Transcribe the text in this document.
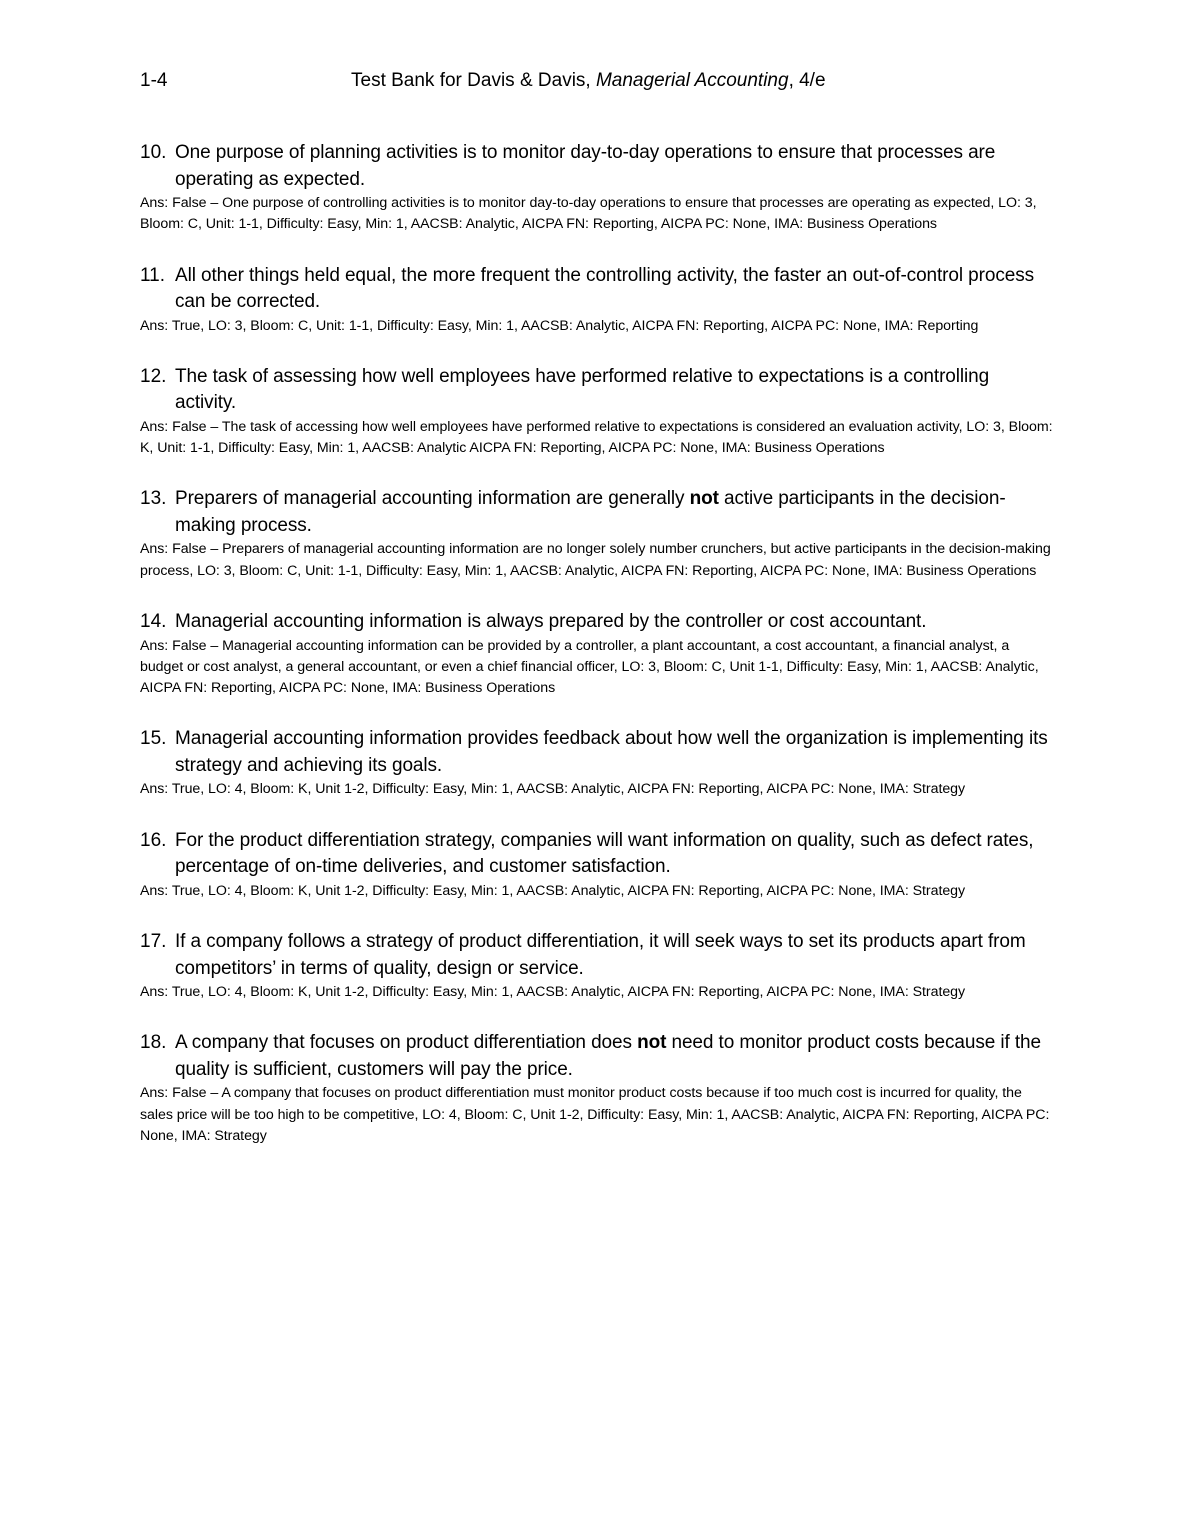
1-4	Test Bank for Davis & Davis, Managerial Accounting, 4/e
10. One purpose of planning activities is to monitor day-to-day operations to ensure that processes are operating as expected.
Ans: False – One purpose of controlling activities is to monitor day-to-day operations to ensure that processes are operating as expected, LO: 3, Bloom: C, Unit: 1-1, Difficulty: Easy, Min: 1, AACSB: Analytic, AICPA FN: Reporting, AICPA PC: None, IMA: Business Operations
11. All other things held equal, the more frequent the controlling activity, the faster an out-of-control process can be corrected.
Ans: True, LO: 3, Bloom: C, Unit: 1-1, Difficulty: Easy, Min: 1, AACSB: Analytic, AICPA FN: Reporting, AICPA PC: None, IMA: Reporting
12. The task of assessing how well employees have performed relative to expectations is a controlling activity.
Ans: False – The task of accessing how well employees have performed relative to expectations is considered an evaluation activity, LO: 3, Bloom: K, Unit: 1-1, Difficulty: Easy, Min: 1, AACSB: Analytic AICPA FN: Reporting, AICPA PC: None, IMA: Business Operations
13. Preparers of managerial accounting information are generally not active participants in the decision-making process.
Ans: False – Preparers of managerial accounting information are no longer solely number crunchers, but active participants in the decision-making process, LO: 3, Bloom: C, Unit: 1-1, Difficulty: Easy, Min: 1, AACSB: Analytic, AICPA FN: Reporting, AICPA PC: None, IMA: Business Operations
14. Managerial accounting information is always prepared by the controller or cost accountant.
Ans: False – Managerial accounting information can be provided by a controller, a plant accountant, a cost accountant, a financial analyst, a budget or cost analyst, a general accountant, or even a chief financial officer, LO: 3, Bloom: C, Unit 1-1, Difficulty: Easy, Min: 1, AACSB: Analytic, AICPA FN: Reporting, AICPA PC: None, IMA: Business Operations
15. Managerial accounting information provides feedback about how well the organization is implementing its strategy and achieving its goals.
Ans: True, LO: 4, Bloom: K, Unit 1-2, Difficulty: Easy, Min: 1, AACSB: Analytic, AICPA FN: Reporting, AICPA PC: None, IMA: Strategy
16. For the product differentiation strategy, companies will want information on quality, such as defect rates, percentage of on-time deliveries, and customer satisfaction.
Ans: True, LO: 4, Bloom: K, Unit 1-2, Difficulty: Easy, Min: 1, AACSB: Analytic, AICPA FN: Reporting, AICPA PC: None, IMA: Strategy
17. If a company follows a strategy of product differentiation, it will seek ways to set its products apart from competitors’ in terms of quality, design or service.
Ans: True, LO: 4, Bloom: K, Unit 1-2, Difficulty: Easy, Min: 1, AACSB: Analytic, AICPA FN: Reporting, AICPA PC: None, IMA: Strategy
18. A company that focuses on product differentiation does not need to monitor product costs because if the quality is sufficient, customers will pay the price.
Ans: False – A company that focuses on product differentiation must monitor product costs because if too much cost is incurred for quality, the sales price will be too high to be competitive, LO: 4, Bloom: C, Unit 1-2, Difficulty: Easy, Min: 1, AACSB: Analytic, AICPA FN: Reporting, AICPA PC: None, IMA: Strategy
